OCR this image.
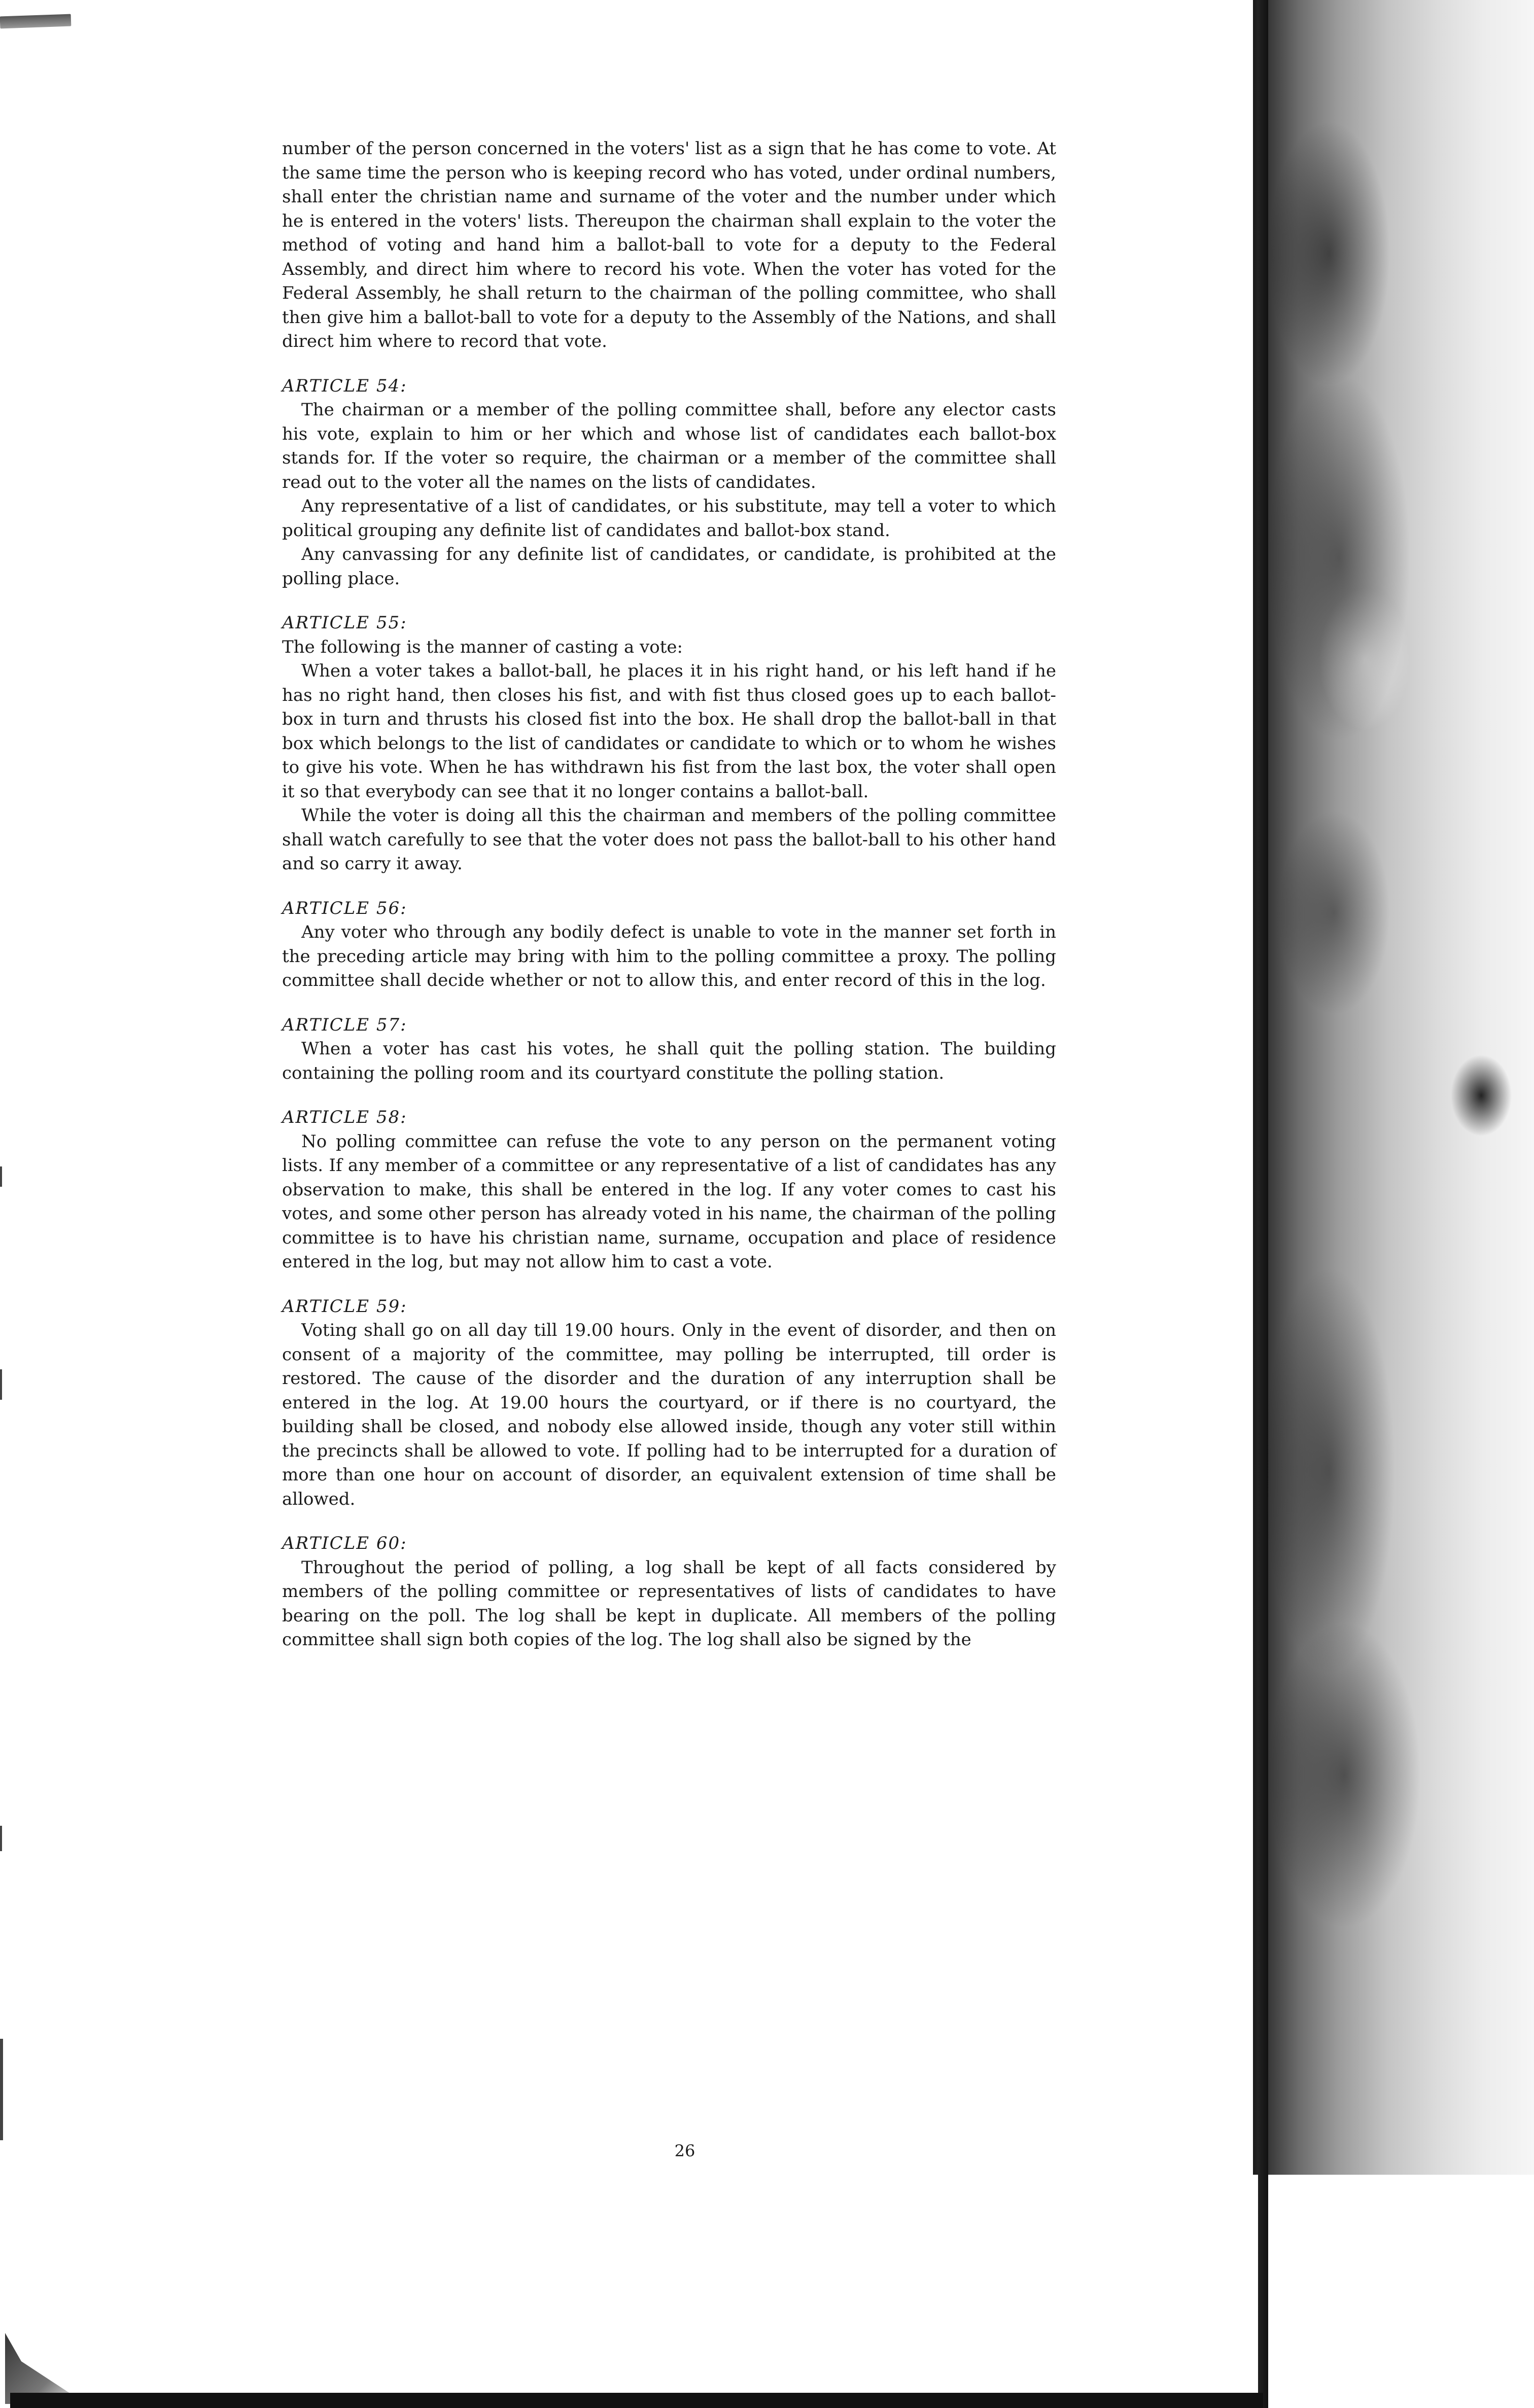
number of the person concerned in the voters' list as a sign that he has come to vote. At the same time the person who is keeping record who has voted, under ordinal numbers, shall enter the christian name and surname of the voter and the number under which he is entered in the voters' lists. Thereupon the chairman shall explain to the voter the method of voting and hand him a ballot-ball to vote for a deputy to the Federal Assembly, and direct him where to record his vote. When the voter has voted for the Federal Assembly, he shall return to the chairman of the polling committee, who shall then give him a ballot-ball to vote for a deputy to the Assembly of the Nations, and shall direct him where to record that vote.

ARTICLE 54:

The chairman or a member of the polling committee shall, before any elector casts his vote, explain to him or her which and whose list of candidates each ballot-box stands for. If the voter so require, the chairman or a member of the committee shall read out to the voter all the names on the lists of candidates.

Any representative of a list of candidates, or his substitute, may tell a voter to which political grouping any definite list of candidates and ballot-box stand.

Any canvassing for any definite list of candidates, or candidate, is prohibited at the polling place.

ARTICLE 55:

The following is the manner of casting a vote:

When a voter takes a ballot-ball, he places it in his right hand, or his left hand if he has no right hand, then closes his fist, and with fist thus closed goes up to each ballot-box in turn and thrusts his closed fist into the box. He shall drop the ballot-ball in that box which belongs to the list of candidates or candidate to which or to whom he wishes to give his vote. When he has withdrawn his fist from the last box, the voter shall open it so that everybody can see that it no longer contains a ballot-ball.

While the voter is doing all this the chairman and members of the polling committee shall watch carefully to see that the voter does not pass the ballot-ball to his other hand and so carry it away.

ARTICLE 56:

Any voter who through any bodily defect is unable to vote in the manner set forth in the preceding article may bring with him to the polling committee a proxy. The polling committee shall decide whether or not to allow this, and enter record of this in the log.

ARTICLE 57:

When a voter has cast his votes, he shall quit the polling station. The building containing the polling room and its courtyard constitute the polling station.

ARTICLE 58:

No polling committee can refuse the vote to any person on the permanent voting lists. If any member of a committee or any representative of a list of candidates has any observation to make, this shall be entered in the log. If any voter comes to cast his votes, and some other person has already voted in his name, the chairman of the polling committee is to have his christian name, surname, occupation and place of residence entered in the log, but may not allow him to cast a vote.

ARTICLE 59:

Voting shall go on all day till 19.00 hours. Only in the event of disorder, and then on consent of a majority of the committee, may polling be interrupted, till order is restored. The cause of the disorder and the duration of any interruption shall be entered in the log. At 19.00 hours the courtyard, or if there is no courtyard, the building shall be closed, and nobody else allowed inside, though any voter still within the precincts shall be allowed to vote. If polling had to be interrupted for a duration of more than one hour on account of disorder, an equivalent extension of time shall be allowed.

ARTICLE 60:

Throughout the period of polling, a log shall be kept of all facts considered by members of the polling committee or representatives of lists of candidates to have bearing on the poll. The log shall be kept in duplicate. All members of the polling committee shall sign both copies of the log. The log shall also be signed by the

26
